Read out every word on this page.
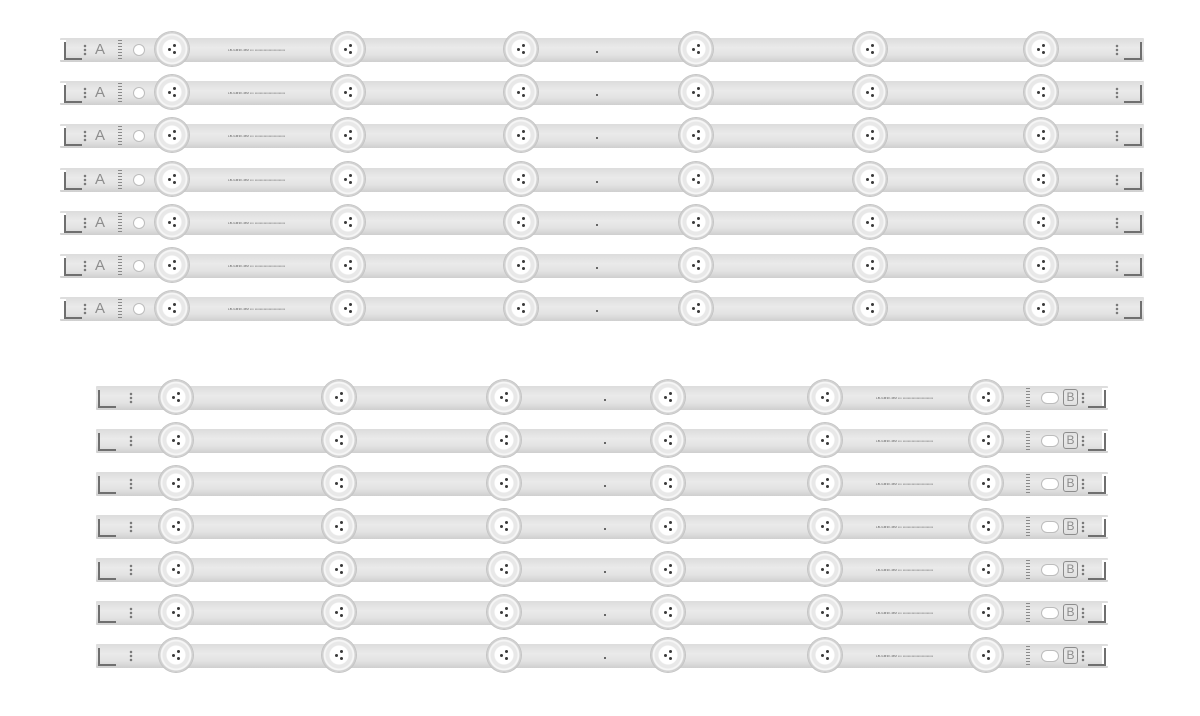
A	LB-GM3F-MM ▪▪▪ ▪▪▪▪▪▪▪▪▪▪▪▪▪▪▪▪▪▪▪▪▪▪▪▪
A	LB-GM3F-MM ▪▪▪ ▪▪▪▪▪▪▪▪▪▪▪▪▪▪▪▪▪▪▪▪▪▪▪▪
A	LB-GM3F-MM ▪▪▪ ▪▪▪▪▪▪▪▪▪▪▪▪▪▪▪▪▪▪▪▪▪▪▪▪
A	LB-GM3F-MM ▪▪▪ ▪▪▪▪▪▪▪▪▪▪▪▪▪▪▪▪▪▪▪▪▪▪▪▪
A	LB-GM3F-MM ▪▪▪ ▪▪▪▪▪▪▪▪▪▪▪▪▪▪▪▪▪▪▪▪▪▪▪▪
A	LB-GM3F-MM ▪▪▪ ▪▪▪▪▪▪▪▪▪▪▪▪▪▪▪▪▪▪▪▪▪▪▪▪
A	LB-GM3F-MM ▪▪▪ ▪▪▪▪▪▪▪▪▪▪▪▪▪▪▪▪▪▪▪▪▪▪▪▪
B
LB-GM3F-MM ▪▪▪ ▪▪▪▪▪▪▪▪▪▪▪▪▪▪▪▪▪▪▪▪▪▪▪▪
B
LB-GM3F-MM ▪▪▪ ▪▪▪▪▪▪▪▪▪▪▪▪▪▪▪▪▪▪▪▪▪▪▪▪
B
LB-GM3F-MM ▪▪▪ ▪▪▪▪▪▪▪▪▪▪▪▪▪▪▪▪▪▪▪▪▪▪▪▪
B
LB-GM3F-MM ▪▪▪ ▪▪▪▪▪▪▪▪▪▪▪▪▪▪▪▪▪▪▪▪▪▪▪▪
B
LB-GM3F-MM ▪▪▪ ▪▪▪▪▪▪▪▪▪▪▪▪▪▪▪▪▪▪▪▪▪▪▪▪
B
LB-GM3F-MM ▪▪▪ ▪▪▪▪▪▪▪▪▪▪▪▪▪▪▪▪▪▪▪▪▪▪▪▪
B
LB-GM3F-MM ▪▪▪ ▪▪▪▪▪▪▪▪▪▪▪▪▪▪▪▪▪▪▪▪▪▪▪▪
